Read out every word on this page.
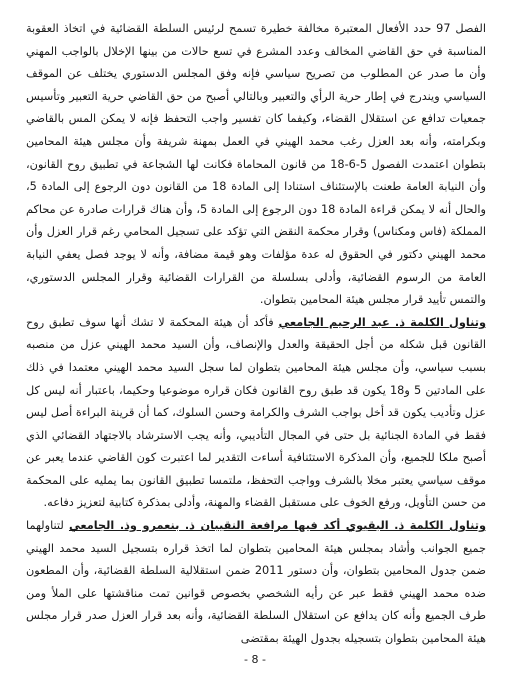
الفصل 97 حدد الأفعال المعتبرة مخالفة خطيرة تسمح لرئيس السلطة القضائية في اتخاذ العقوبة المناسبة في حق القاضي المخالف وعدد المشرع في تسع حالات من بينها الإخلال بالواجب المهني وأن ما صدر عن المطلوب من تصريح سياسي فإنه وفق المجلس الدستوري يختلف عن الموقف السياسي ويندرج في إطار حرية الرأي والتعبير وبالتالي أصبح من حق القاضي حرية التعبير وتأسيس جمعيات تدافع عن استقلال القضاء، وكيفما كان تفسير واجب التحفظ فإنه لا يمكن المس بالقاضي وبكرامته، وأنه بعد العزل رغب محمد الهيني في العمل بمهنة شريفة وأن مجلس هيئة المحامين بتطوان اعتمدت الفصول 5-6-18 من قانون المحاماة فكانت لها الشجاعة في تطبيق روح القانون، وأن النيابة العامة طعنت بالإستئناف استنادا إلى المادة 18 من القانون دون الرجوع إلى المادة 5، والحال أنه لا يمكن قراءة المادة 18 دون الرجوع إلى المادة 5، وأن هناك قرارات صادرة عن محاكم المملكة (فاس ومكناس) وقرار محكمة النقض التي تؤكد على تسجيل المحامي رغم قرار العزل وأن محمد الهيني دكتور في الحقوق له عدة مؤلفات وهو قيمة مضافة، وأنه لا يوجد فصل يعفي النيابة العامة من الرسوم القضائية، وأدلى بسلسلة من القرارات القضائية وقرار المجلس الدستوري، والتمس تأييد قرار مجلس هيئة المحامين بتطوان.

وتناول الكلمة ذ. عبد الرحيم الجامعي فأكد أن هيئة المحكمة لا تشك أنها سوف تطبق روح القانون قبل شكله من أجل الحقيقة والعدل والإنصاف، وأن السيد محمد الهيني عزل من منصبه بسبب سياسي، وأن مجلس هيئة المحامين بتطوان لما سجل السيد محمد الهيني معتمدا في ذلك على المادتين 5 و18 يكون قد طبق روح القانون فكان قراره موضوعيا وحكيما، باعتبار أنه ليس كل عزل وتأديب يكون قد أخل بواجب الشرف والكرامة وحسن السلوك، كما أن قرينة البراءة أصل ليس فقط في المادة الجنائية بل حتى في المجال التأديبي، وأنه يجب الاسترشاد بالاجتهاد القضائي الذي أصبح ملكا للجميع، وأن المذكرة الاستئنافية أساءت التقدير لما اعتبرت كون القاضي عندما يعبر عن موقف سياسي يعتبر مخلا بالشرف وواجب التحفظ، ملتمسا تطبيق القانون بما يمليه على المحكمة من حسن التأويل، ورفع الخوف على مستقبل القضاء والمهنة، وأدلى بمذكرة كتابية لتعزيز دفاعه.

وتناول الكلمة ذ. البقيوي أكد فيها مرافعة النقيبان ذ. بنعمرو وذ. الجامعي لتناولهما جميع الجوانب وأشاد بمجلس هيئة المحامين بتطوان لما اتخذ قراره بتسجيل السيد محمد الهيني ضمن جدول المحامين بتطوان، وأن دستور 2011 ضمن استقلالية السلطة القضائية، وأن المطعون ضده محمد الهيني فقط عبر عن رأيه الشخصي بخصوص قوانين تمت مناقشتها على الملأ ومن طرف الجميع وأنه كان يدافع عن استقلال السلطة القضائية، وأنه بعد قرار العزل صدر قرار مجلس هيئة المحامين بتطوان بتسجيله بجدول الهيئة بمقتضى

- 8 -
